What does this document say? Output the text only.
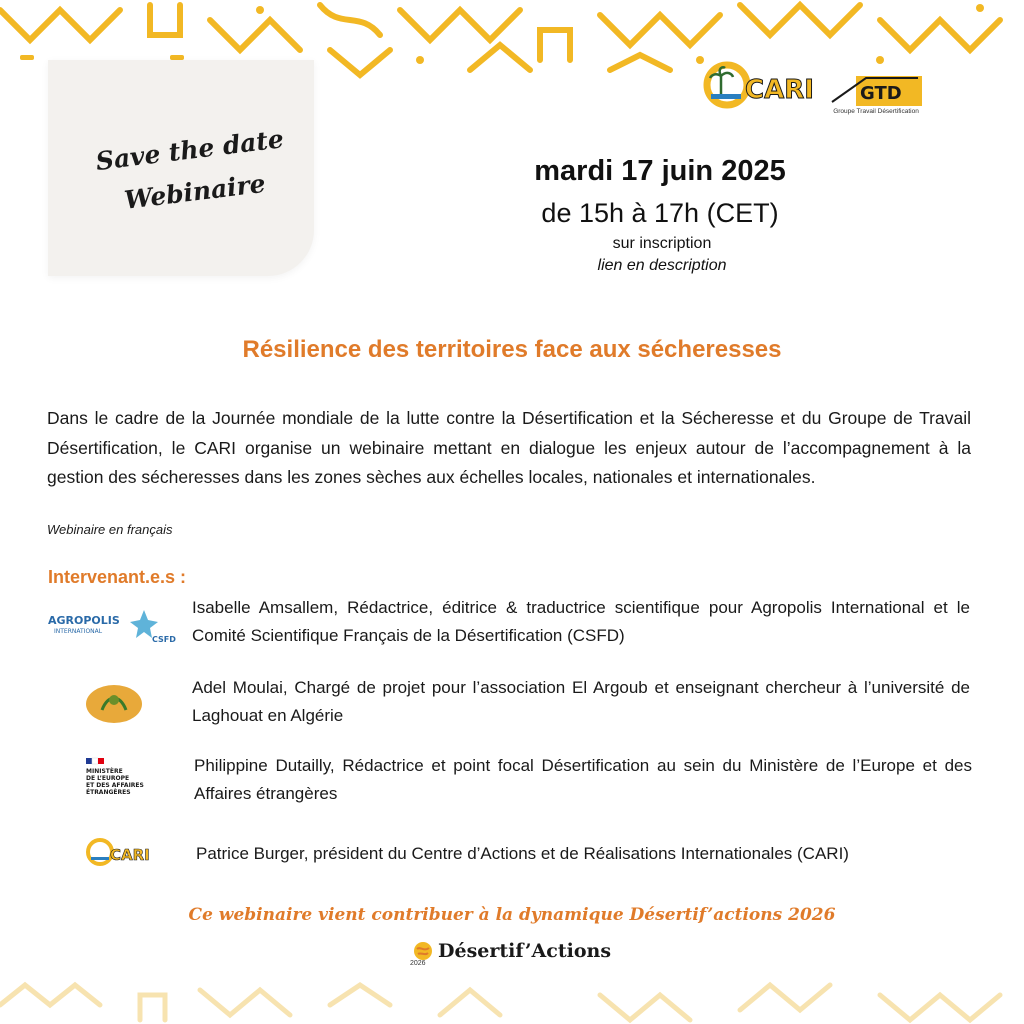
Save the date
Webinaire
CARI	GTD
Groupe Travail Désertification
mardi 17 juin 2025
de 15h à 17h (CET)
sur inscription
lien en description
Résilience des territoires face aux sécheresses
Dans le cadre de la Journée mondiale de la lutte contre la Désertification et la Sécheresse et du Groupe de Travail Désertification, le CARI organise un webinaire mettant en dialogue les enjeux autour de l’accompagnement à la gestion des sécheresses dans les zones sèches aux échelles locales, nationales et internationales.
Webinaire en français
Intervenant.e.s :
AGROPOLIS
INTERNATIONAL
CSFD
Isabelle Amsallem, Rédactrice, éditrice & traductrice scientifique pour Agropolis International et le Comité Scientifique Français de la Désertification (CSFD)
Adel Moulai, Chargé de projet pour l’association El Argoub et enseignant chercheur à l’université de Laghouat en Algérie
MINISTÈRE
DE L’EUROPE
ET DES AFFAIRES
ÉTRANGÈRES
Philippine Dutailly, Rédactrice et point focal Désertification au sein du Ministère de l’Europe et des Affaires étrangères
CARI	Patrice Burger, président du Centre d’Actions et de Réalisations Internationales (CARI)
Ce webinaire vient contribuer à la dynamique Désertif’actions 2026
Désertif’Actions
2026
